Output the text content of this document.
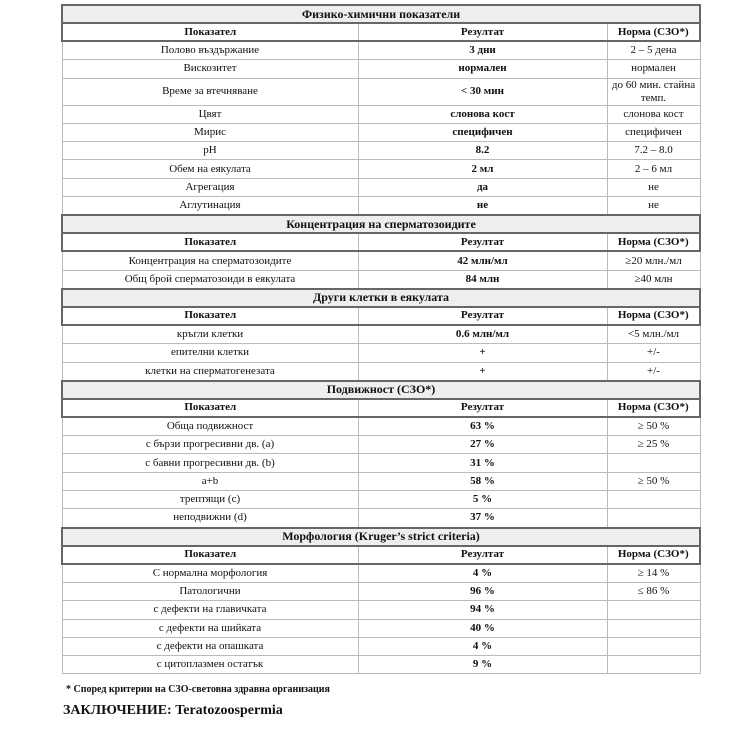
Физико-химични показатели		
Показател	Резултат	Норма (СЗО*)
Полово въздържание	3 дни	2 – 5 дена
Вискозитет	нормален	нормален
Време за втечняване	< 30 мин	до 60 мин. стайна темп.
Цвят	слонова кост	слонова кост
Мирис	специфичен	специфичен
pH	8.2	7.2 – 8.0
Обем на еякулата	2 мл	2 – 6 мл
Агрегация	да	не
Аглутинация	не	не
Концентрация на сперматозоидите		
Показател	Резултат	Норма (СЗО*)
Концентрация на сперматозоидите	42 млн/мл	≥20 млн./мл
Общ брой сперматозоиди в еякулата	84 млн	≥40 млн
Други клетки в еякулата		
Показател	Резултат	Норма (СЗО*)
кръгли клетки	0.6 млн/мл	<5 млн./мл
епителни клетки	+	+/-
клетки на сперматогенезата	+	+/-
Подвижност (СЗО*)		
Показател	Резултат	Норма (СЗО*)
Обща подвижност	63 %	≥ 50 %
с бързи прогресивни дв. (a)	27 %	≥ 25 %
с бавни прогресивни дв. (b)	31 %	
a+b	58 %	≥ 50 %
трептящи (c)	5 %	
неподвижни (d)	37 %	
Морфология (Kruger’s strict criteria)		
Показател	Резултат	Норма (СЗО*)
С нормална морфология	4 %	≥ 14 %
Патологични	96 %	≤ 86 %
с дефекти на главичката	94 %	
с дефекти на шийката	40 %	
с дефекти на опашката	4 %	
с цитоплазмен остатък	9 %	
* Според критерии на СЗО-световна здравна организация
ЗАКЛЮЧЕНИЕ: Teratozoospermia
